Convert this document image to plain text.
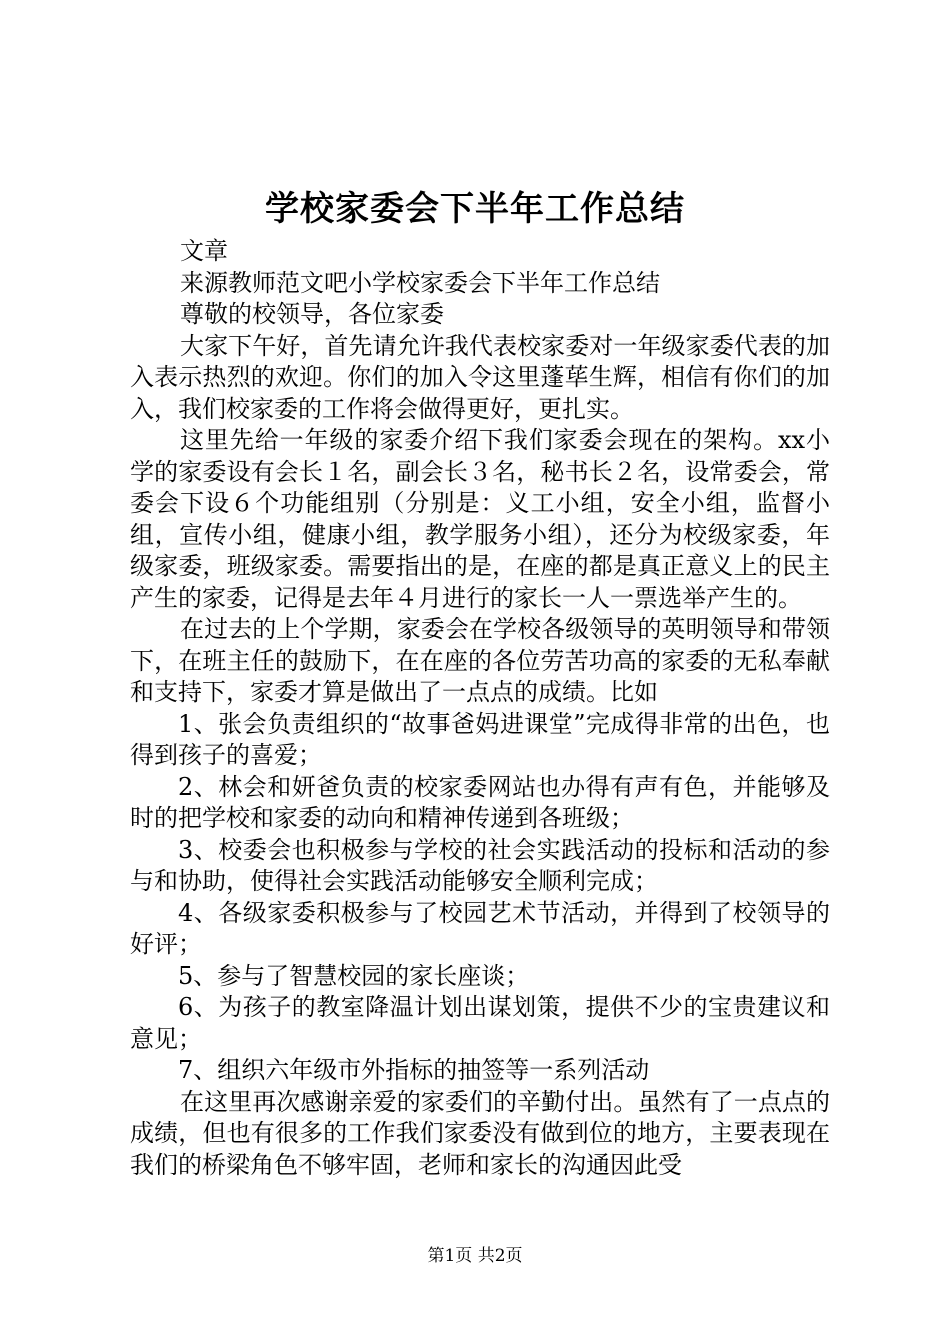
学校家委会下半年工作总结

文章

来源教师范文吧小学校家委会下半年工作总结

尊敬的校领导，各位家委

大家下午好，首先请允许我代表校家委对一年级家委代表的加入表示热烈的欢迎。你们的加入令这里蓬荜生辉，相信有你们的加入，我们校家委的工作将会做得更好，更扎实。

这里先给一年级的家委介绍下我们家委会现在的架构。xx小学的家委设有会长１名，副会长３名，秘书长２名，设常委会，常委会下设６个功能组别（分别是：义工小组，安全小组，监督小组，宣传小组，健康小组，教学服务小组），还分为校级家委，年级家委，班级家委。需要指出的是，在座的都是真正意义上的民主产生的家委，记得是去年４月进行的家长一人一票选举产生的。

在过去的上个学期，家委会在学校各级领导的英明领导和带领下，在班主任的鼓励下，在在座的各位劳苦功高的家委的无私奉献和支持下，家委才算是做出了一点点的成绩。比如

1、张会负责组织的“故事爸妈进课堂”完成得非常的出色，也得到孩子的喜爱；

2、林会和妍爸负责的校家委网站也办得有声有色，并能够及时的把学校和家委的动向和精神传递到各班级；

3、校委会也积极参与学校的社会实践活动的投标和活动的参与和协助，使得社会实践活动能够安全顺利完成；

4、各级家委积极参与了校园艺术节活动，并得到了校领导的好评；

5、参与了智慧校园的家长座谈；

6、为孩子的教室降温计划出谋划策，提供不少的宝贵建议和意见；

7、组织六年级市外指标的抽签等一系列活动

在这里再次感谢亲爱的家委们的辛勤付出。虽然有了一点点的成绩，但也有很多的工作我们家委没有做到位的地方，主要表现在我们的桥梁角色不够牢固，老师和家长的沟通因此受

第1页 共2页
